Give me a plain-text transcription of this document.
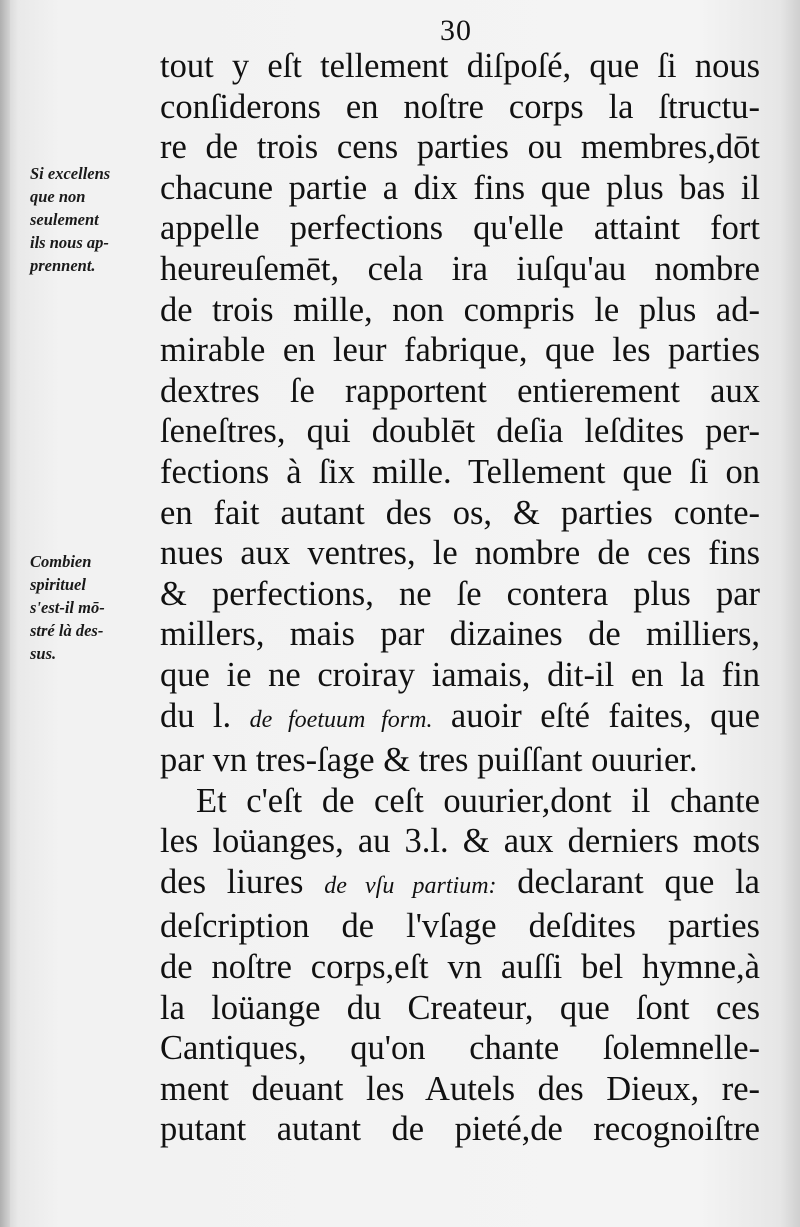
30
Si excellens
que non
seulement
ils nous ap-
prennent.
Combien
spirituel
s'est-il mō-
stré là des-
sus.
tout y eſt tellement diſpoſé, que ſi nous
conſiderons en noſtre corps la ſtructu-
re de trois cens parties ou membres,dōt
chacune partie a dix fins que plus bas il
appelle perfections qu'elle attaint fort
heureuſemēt, cela ira iuſqu'au nombre
de trois mille, non compris le plus ad-
mirable en leur fabrique, que les parties
dextres ſe rapportent entierement aux
ſeneſtres, qui doublēt deſia leſdites per-
fections à ſix mille. Tellement que ſi on
en fait autant des os, & parties conte-
nues aux ventres, le nombre de ces fins
& perfections, ne ſe contera plus par
millers, mais par dizaines de milliers,
que ie ne croiray iamais, dit-il en la fin
du l. de foetuum form. auoir eſté faites, que
par vn tres-ſage & tres puiſſant ouurier.
Et c'eſt de ceſt ouurier,dont il chante
les loüanges, au 3.l. & aux derniers mots
des liures de vſu partium: declarant que la
deſcription de l'vſage deſdites parties
de noſtre corps,eſt vn auſſi bel hymne,à
la loüange du Createur, que ſont ces
Cantiques, qu'on chante ſolemnelle-
ment deuant les Autels des Dieux, re-
putant autant de pieté,de recognoiſtre
